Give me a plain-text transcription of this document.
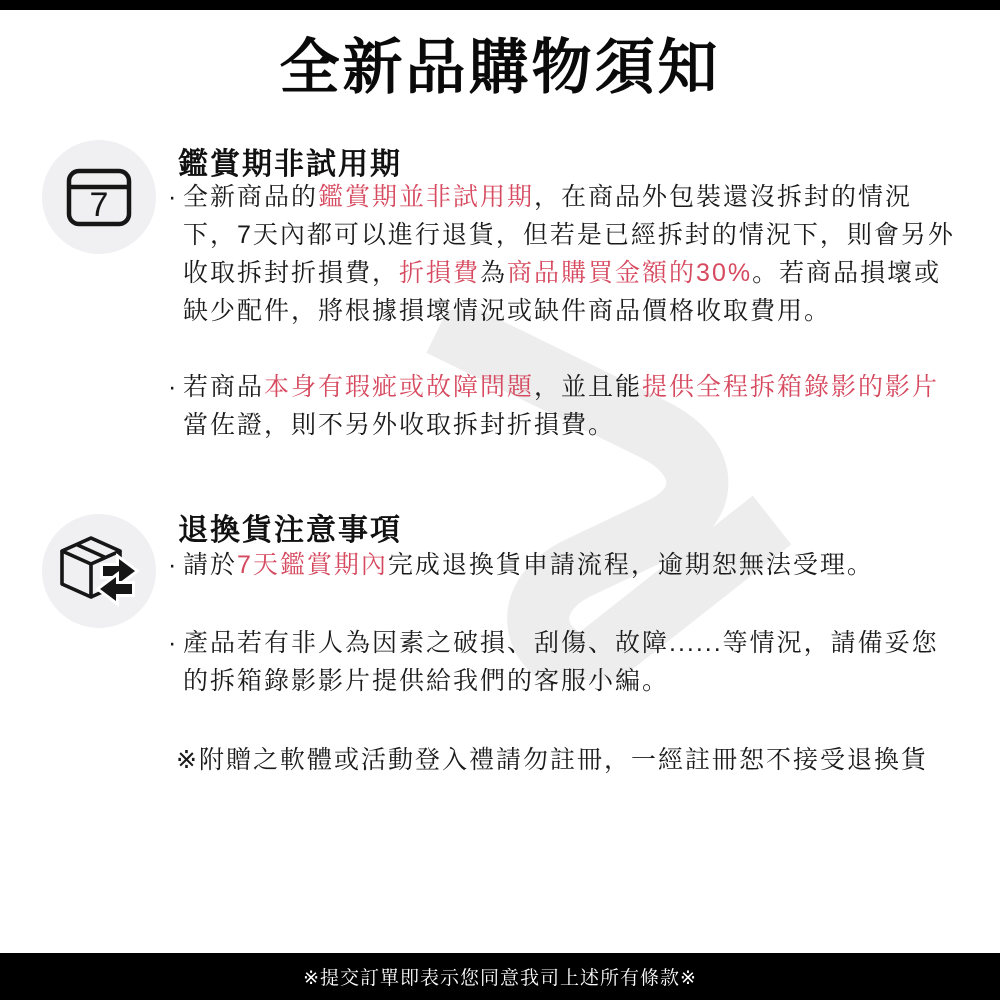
全新品購物須知
7
鑑賞期非試用期
· 全新商品的鑑賞期並非試用期，在商品外包裝還沒拆封的情況下，7天內都可以進行退貨，但若是已經拆封的情況下，則會另外收取拆封折損費，折損費為商品購買金額的30%。若商品損壞或缺少配件，將根據損壞情況或缺件商品價格收取費用。
· 若商品本身有瑕疵或故障問題，並且能提供全程拆箱錄影的影片當佐證，則不另外收取拆封折損費。
退換貨注意事項
· 請於7天鑑賞期內完成退換貨申請流程，逾期恕無法受理。
· 產品若有非人為因素之破損、刮傷、故障......等情況，請備妥您的拆箱錄影影片提供給我們的客服小編。
※附贈之軟體或活動登入禮請勿註冊，一經註冊恕不接受退換貨
※提交訂單即表示您同意我司上述所有條款※
